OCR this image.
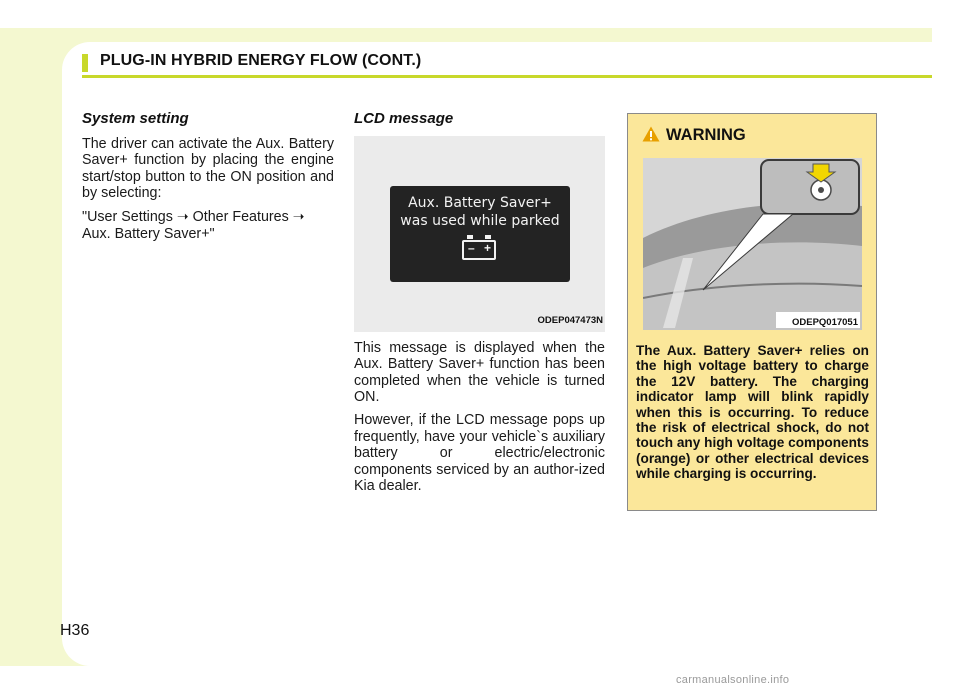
PLUG-IN HYBRID ENERGY FLOW (CONT.)

System setting

The driver can activate the Aux. Battery Saver+ function by placing the engine start/stop button to the ON position and by selecting:

"User Settings ➝ Other Features ➝
Aux. Battery Saver+"

LCD message

Aux. Battery Saver+
was used while parked
– +
ODEP047473N

This message is displayed when the Aux. Battery Saver+ function has been completed when the vehicle is turned ON.

However, if the LCD message pops up frequently, have your vehicle`s auxiliary battery or electric/electronic components serviced by an author-ized Kia dealer.

WARNING
ODEPQ017051
The Aux. Battery Saver+ relies on the high voltage battery to charge the 12V battery. The charging indicator lamp will blink rapidly when this is occurring. To reduce the risk of electrical shock, do not touch any high voltage components (orange) or other electrical devices while charging is occurring.
H36
carmanualsonline.info
